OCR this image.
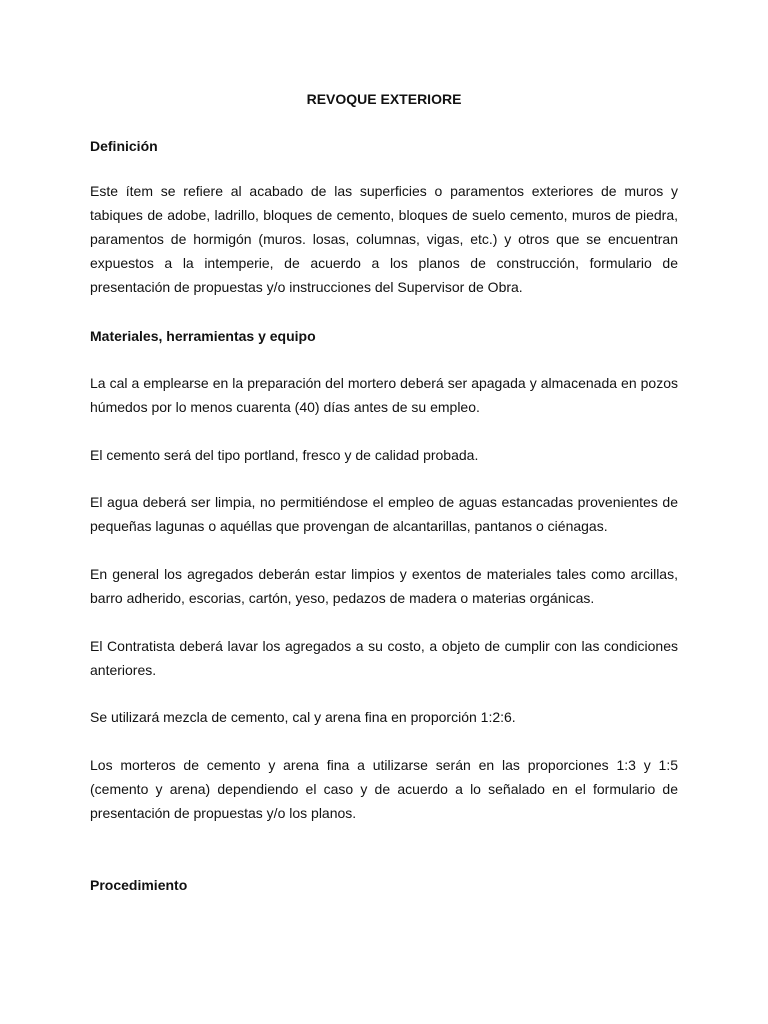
REVOQUE EXTERIORE
Definición

Este ítem se refiere al acabado de las superficies o paramentos exteriores de muros y tabiques de adobe, ladrillo, bloques de cemento, bloques de suelo cemento, muros de piedra, paramentos de hormigón (muros. losas, columnas, vigas, etc.) y otros que se encuentran expuestos a la intemperie, de acuerdo a los planos de construcción, formulario de presentación de propuestas y/o instrucciones del Supervisor de Obra.

Materiales, herramientas y equipo

La cal a emplearse en la preparación del mortero deberá ser apagada y almacenada en pozos húmedos por lo menos cuarenta (40) días antes de su empleo.

El cemento será del tipo portland, fresco y de calidad probada.

El agua deberá ser limpia, no permitiéndose el empleo de aguas estancadas provenientes de pequeñas lagunas o aquéllas que provengan de alcantarillas, pantanos o ciénagas.

En general los agregados deberán estar limpios y exentos de materiales tales como arcillas, barro adherido, escorias, cartón, yeso, pedazos de madera o materias orgánicas.

El Contratista deberá lavar los agregados a su costo, a objeto de cumplir con las condiciones anteriores.

Se utilizará mezcla de cemento, cal y arena fina en proporción 1:2:6.

Los morteros de cemento y arena fina a utilizarse serán en las proporciones 1:3 y 1:5 (cemento y arena) dependiendo el caso y de acuerdo a lo señalado en el formulario de presentación de propuestas y/o los planos.

Procedimiento
